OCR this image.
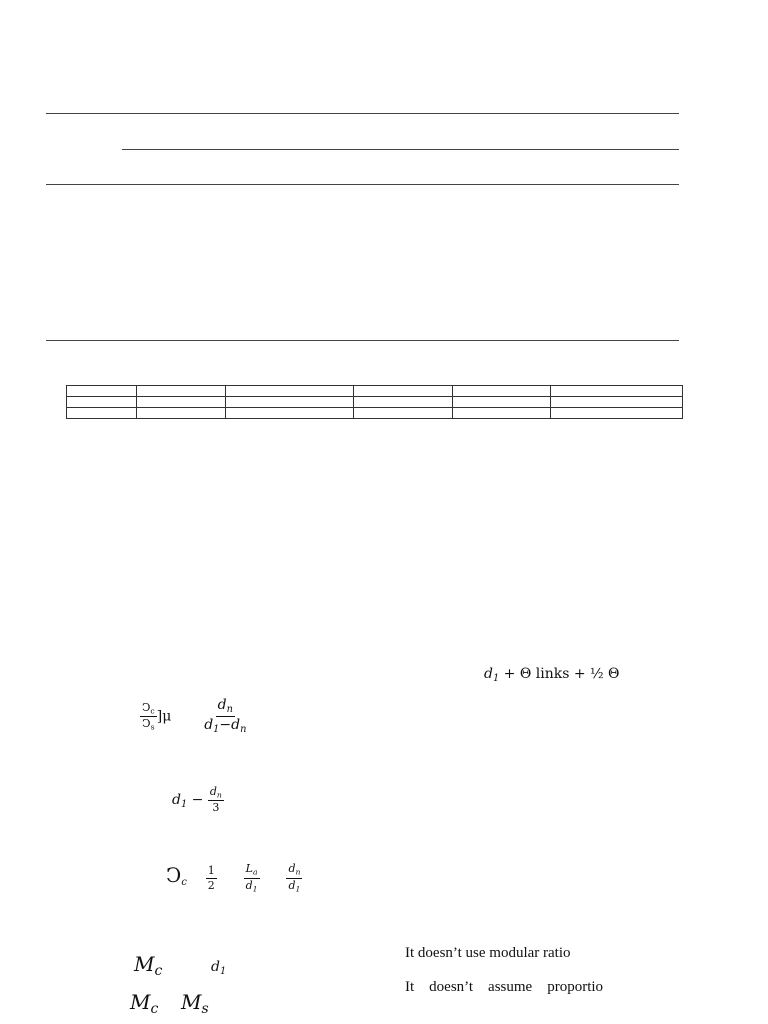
$d_1 + \Theta$ links + ½ Θ
$\frac{Ↄ_c}{Ↄ_s} ]\mu \frac{d_n}{d_1-d_n}$
$d_1 - \frac{d_n}{3}$
Ↄ$_c$ $\frac{1}{2}$
$\frac{L_a}{d_1}$
$\frac{d_n}{d_1}$
$M_c$	$d_1$
$M_c$ $M_s$
It doesn’t use modular ratio
It    doesn’t    assume    proportio
